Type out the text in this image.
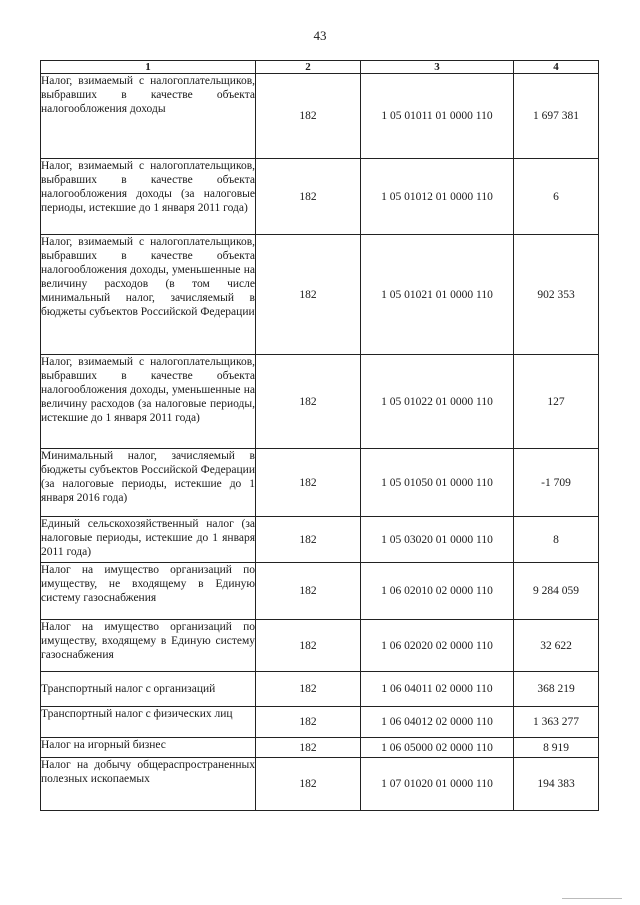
43
1	2	3	4
Налог, взимаемый с налогоплательщиков, выбравших в качестве объекта налогообложения доходы	182	1 05 01011 01 0000 110	1 697 381
Налог, взимаемый с налогоплательщиков, выбравших в качестве объекта налогообложения доходы (за налоговые периоды, истекшие до 1 января 2011 года)	182	1 05 01012 01 0000 110	6
Налог, взимаемый с налогоплательщиков, выбравших в качестве объекта налогообложения доходы, уменьшенные на величину расходов (в том числе минимальный налог, зачисляемый в бюджеты субъектов Российской Федерации	182	1 05 01021 01 0000 110	902 353
Налог, взимаемый с налогоплательщиков, выбравших в качестве объекта налогообложения доходы, уменьшенные на величину расходов (за налоговые периоды, истекшие до 1 января 2011 года)	182	1 05 01022 01 0000 110	127
Минимальный налог, зачисляемый в бюджеты субъектов Российской Федерации (за налоговые периоды, истекшие до 1 января 2016 года)	182	1 05 01050 01 0000 110	-1 709
Единый сельскохозяйственный налог (за налоговые периоды, истекшие до 1 января 2011 года)	182	1 05 03020 01 0000 110	8
Налог на имущество организаций по имуществу, не входящему в Единую систему газоснабжения	182	1 06 02010 02 0000 110	9 284 059
Налог на имущество организаций по имуществу, входящему в Единую систему газоснабжения	182	1 06 02020 02 0000 110	32 622
Транспортный налог с организаций	182	1 06 04011 02 0000 110	368 219
Транспортный налог с физических лиц	182	1 06 04012 02 0000 110	1 363 277
Налог на игорный бизнес	182	1 06 05000 02 0000 110	8 919
Налог на добычу общераспространенных полезных ископаемых	182	1 07 01020 01 0000 110	194 383
